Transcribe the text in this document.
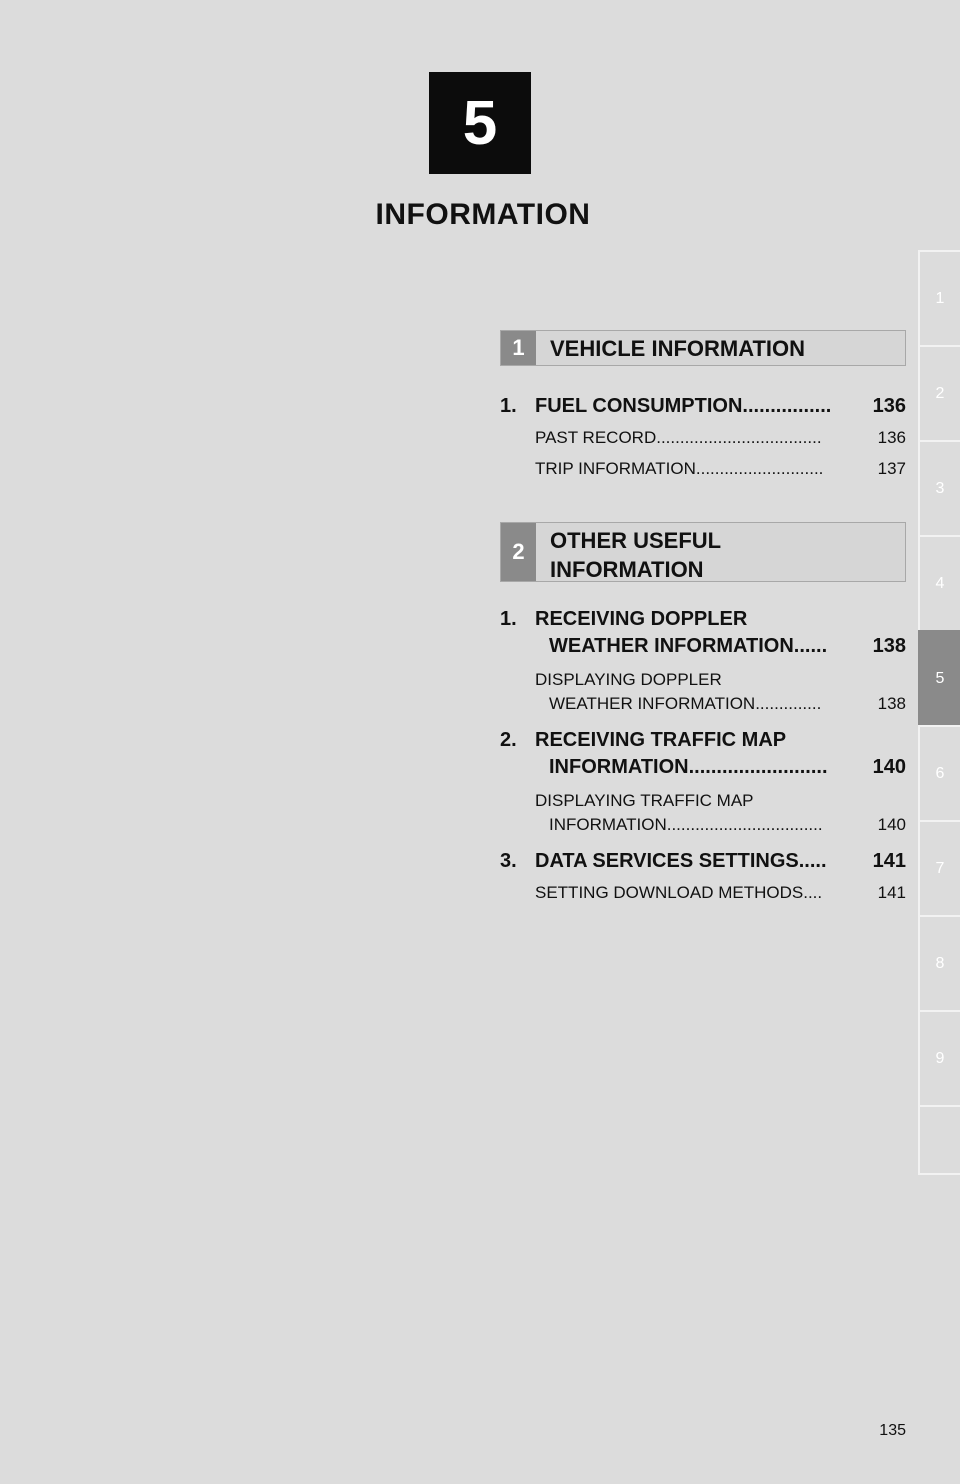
5
INFORMATION
1
2
3
4
5
6
7
8
9
1	VEHICLE INFORMATION
1. FUEL CONSUMPTION ................	136
PAST RECORD ...................................	136
TRIP INFORMATION ...........................	137
2	OTHER USEFUL
INFORMATION
1. RECEIVING DOPPLER
WEATHER INFORMATION ......	138
DISPLAYING DOPPLER
WEATHER INFORMATION ..............	138
2. RECEIVING TRAFFIC MAP
INFORMATION .........................	140
DISPLAYING TRAFFIC MAP
INFORMATION .................................	140
3. DATA SERVICES SETTINGS .....	141
SETTING DOWNLOAD METHODS ....	141
135
